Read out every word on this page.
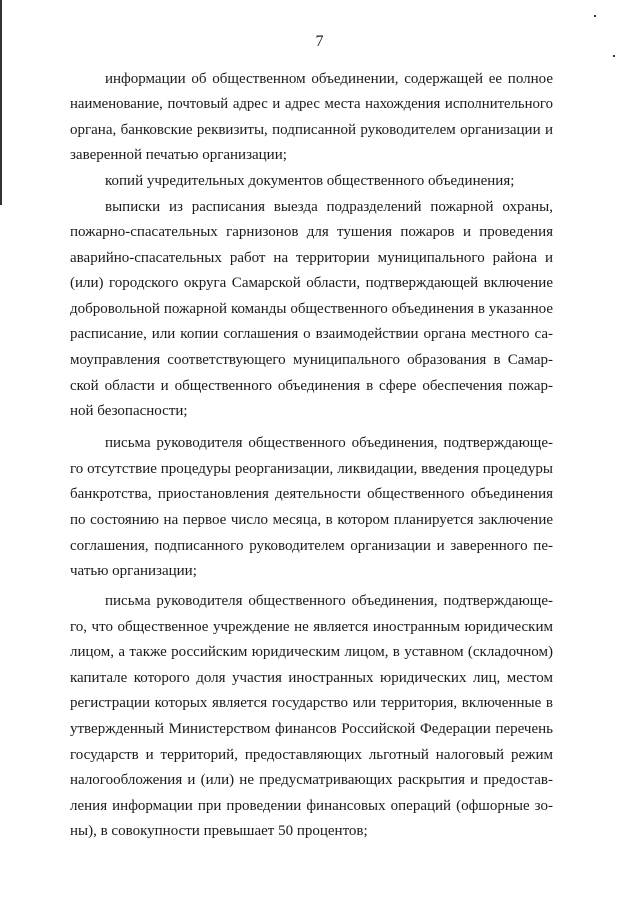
7
информации об общественном объединении, содержащей ее полное
наименование, почтовый адрес и адрес места нахождения исполнительного
органа, банковские реквизиты, подписанной руководителем организации и
заверенной печатью организации;
копий учредительных документов общественного объединения;
выписки из расписания выезда подразделений пожарной охраны,
пожарно-спасательных гарнизонов для тушения пожаров и проведения
аварийно-спасательных работ на территории муниципального района и
(или) городского округа Самарской области, подтверждающей включение
добровольной пожарной команды общественного объединения в указанное
расписание, или копии соглашения о взаимодействии органа местного са-
моуправления соответствующего муниципального образования в Самар-
ской области и общественного объединения в сфере обеспечения пожар-
ной безопасности;
письма руководителя общественного объединения, подтверждающе-
го отсутствие процедуры реорганизации, ликвидации, введения процедуры
банкротства, приостановления деятельности общественного объединения
по состоянию на первое число месяца, в котором планируется заключение
соглашения, подписанного руководителем организации и заверенного пе-
чатью организации;
письма руководителя общественного объединения, подтверждающе-
го, что общественное учреждение не является иностранным юридическим
лицом, а также российским юридическим лицом, в уставном (складочном)
капитале которого доля участия иностранных юридических лиц, местом
регистрации которых является государство или территория, включенные в
утвержденный Министерством финансов Российской Федерации перечень
государств и территорий, предоставляющих льготный налоговый режим
налогообложения и (или) не предусматривающих раскрытия и предостав-
ления информации при проведении финансовых операций (офшорные зо-
ны), в совокупности превышает 50 процентов;
